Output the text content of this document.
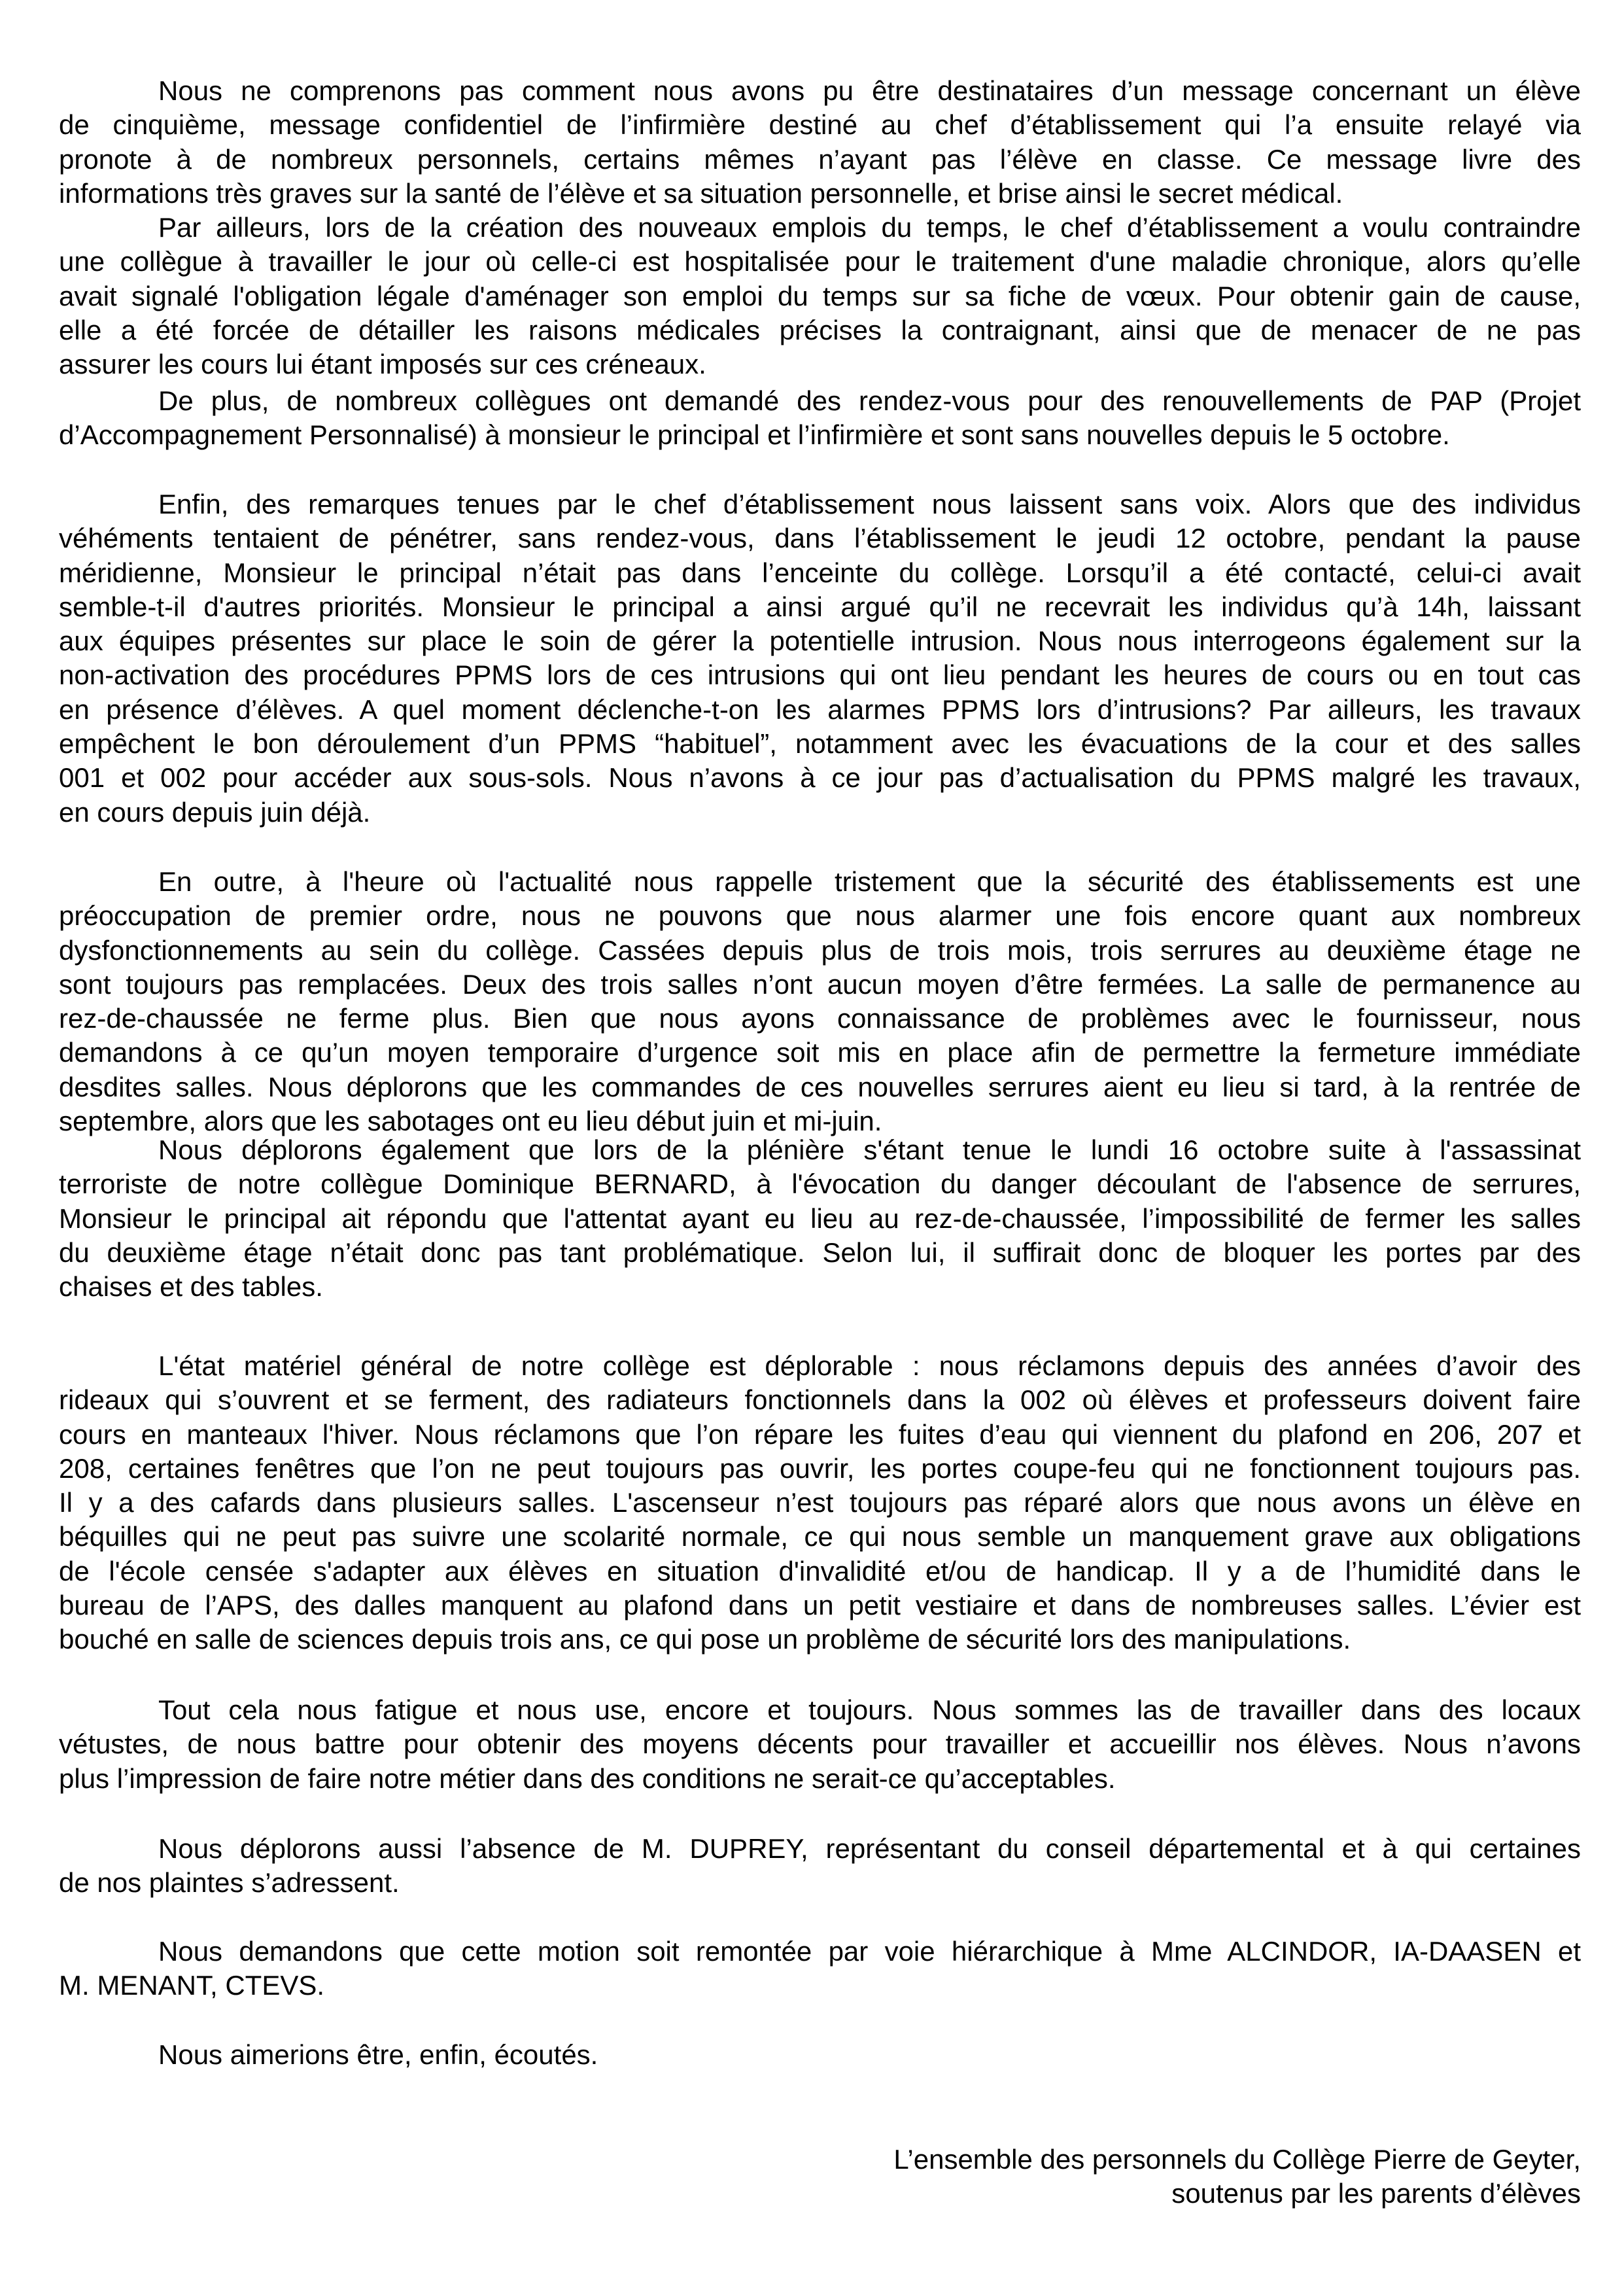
Nous ne comprenons pas comment nous avons pu être destinataires d’un message concernant un élève
de cinquième, message confidentiel de l’infirmière destiné au chef d’établissement qui l’a ensuite relayé via
pronote à de nombreux personnels, certains mêmes n’ayant pas l’élève en classe. Ce message livre des
informations très graves sur la santé de l’élève et sa situation personnelle, et brise ainsi le secret médical.
Par ailleurs, lors de la création des nouveaux emplois du temps, le chef d’établissement a voulu contraindre
une collègue à travailler le jour où celle-ci est hospitalisée pour le traitement d'une maladie chronique, alors qu’elle
avait signalé l'obligation légale d'aménager son emploi du temps sur sa fiche de vœux. Pour obtenir gain de cause,
elle a été forcée de détailler les raisons médicales précises la contraignant, ainsi que de menacer de ne pas
assurer les cours lui étant imposés sur ces créneaux.
De plus, de nombreux collègues ont demandé des rendez-vous pour des renouvellements de PAP (Projet
d’Accompagnement Personnalisé) à monsieur le principal et l’infirmière et sont sans nouvelles depuis le 5 octobre.
Enfin, des remarques tenues par le chef d’établissement nous laissent sans voix. Alors que des individus
véhéments tentaient de pénétrer, sans rendez-vous, dans l’établissement le jeudi 12 octobre, pendant la pause
méridienne, Monsieur le principal n’était pas dans l’enceinte du collège. Lorsqu’il a été contacté, celui-ci avait
semble-t-il d'autres priorités. Monsieur le principal a ainsi argué qu’il ne recevrait les individus qu’à 14h, laissant
aux équipes présentes sur place le soin de gérer la potentielle intrusion. Nous nous interrogeons également sur la
non-activation des procédures PPMS lors de ces intrusions qui ont lieu pendant les heures de cours ou en tout cas
en présence d’élèves. A quel moment déclenche-t-on les alarmes PPMS lors d’intrusions? Par ailleurs, les travaux
empêchent le bon déroulement d’un PPMS “habituel”, notamment avec les évacuations de la cour et des salles
001 et 002 pour accéder aux sous-sols. Nous n’avons à ce jour pas d’actualisation du PPMS malgré les travaux,
en cours depuis juin déjà.
En outre, à l'heure où l'actualité nous rappelle tristement que la sécurité des établissements est une
préoccupation de premier ordre, nous ne pouvons que nous alarmer une fois encore quant aux nombreux
dysfonctionnements au sein du collège. Cassées depuis plus de trois mois, trois serrures au deuxième étage ne
sont toujours pas remplacées. Deux des trois salles n’ont aucun moyen d’être fermées. La salle de permanence au
rez-de-chaussée ne ferme plus. Bien que nous ayons connaissance de problèmes avec le fournisseur, nous
demandons à ce qu’un moyen temporaire d’urgence soit mis en place afin de permettre la fermeture immédiate
desdites salles. Nous déplorons que les commandes de ces nouvelles serrures aient eu lieu si tard, à la rentrée de
septembre, alors que les sabotages ont eu lieu début juin et mi-juin.
Nous déplorons également que lors de la plénière s'étant tenue le lundi 16 octobre suite à l'assassinat
terroriste de notre collègue Dominique BERNARD, à l'évocation du danger découlant de l'absence de serrures,
Monsieur le principal ait répondu que l'attentat ayant eu lieu au rez-de-chaussée, l’impossibilité de fermer les salles
du deuxième étage n’était donc pas tant problématique. Selon lui, il suffirait donc de bloquer les portes par des
chaises et des tables.
L'état matériel général de notre collège est déplorable : nous réclamons depuis des années d’avoir des
rideaux qui s’ouvrent et se ferment, des radiateurs fonctionnels dans la 002 où élèves et professeurs doivent faire
cours en manteaux l'hiver. Nous réclamons que l’on répare les fuites d’eau qui viennent du plafond en 206, 207 et
208, certaines fenêtres que l’on ne peut toujours pas ouvrir, les portes coupe-feu qui ne fonctionnent toujours pas.
Il y a des cafards dans plusieurs salles. L'ascenseur n’est toujours pas réparé alors que nous avons un élève en
béquilles qui ne peut pas suivre une scolarité normale, ce qui nous semble un manquement grave aux obligations
de l'école censée s'adapter aux élèves en situation d'invalidité et/ou de handicap. Il y a de l’humidité dans le
bureau de l’APS, des dalles manquent au plafond dans un petit vestiaire et dans de nombreuses salles. L’évier est
bouché en salle de sciences depuis trois ans, ce qui pose un problème de sécurité lors des manipulations.
Tout cela nous fatigue et nous use, encore et toujours. Nous sommes las de travailler dans des locaux
vétustes, de nous battre pour obtenir des moyens décents pour travailler et accueillir nos élèves. Nous n’avons
plus l’impression de faire notre métier dans des conditions ne serait-ce qu’acceptables.
Nous déplorons aussi l’absence de M. DUPREY, représentant du conseil départemental et à qui certaines
de nos plaintes s’adressent.
Nous demandons que cette motion soit remontée par voie hiérarchique à Mme ALCINDOR, IA-DAASEN et
M. MENANT, CTEVS.
Nous aimerions être, enfin, écoutés.
L’ensemble des personnels du Collège Pierre de Geyter,
soutenus par les parents d’élèves
